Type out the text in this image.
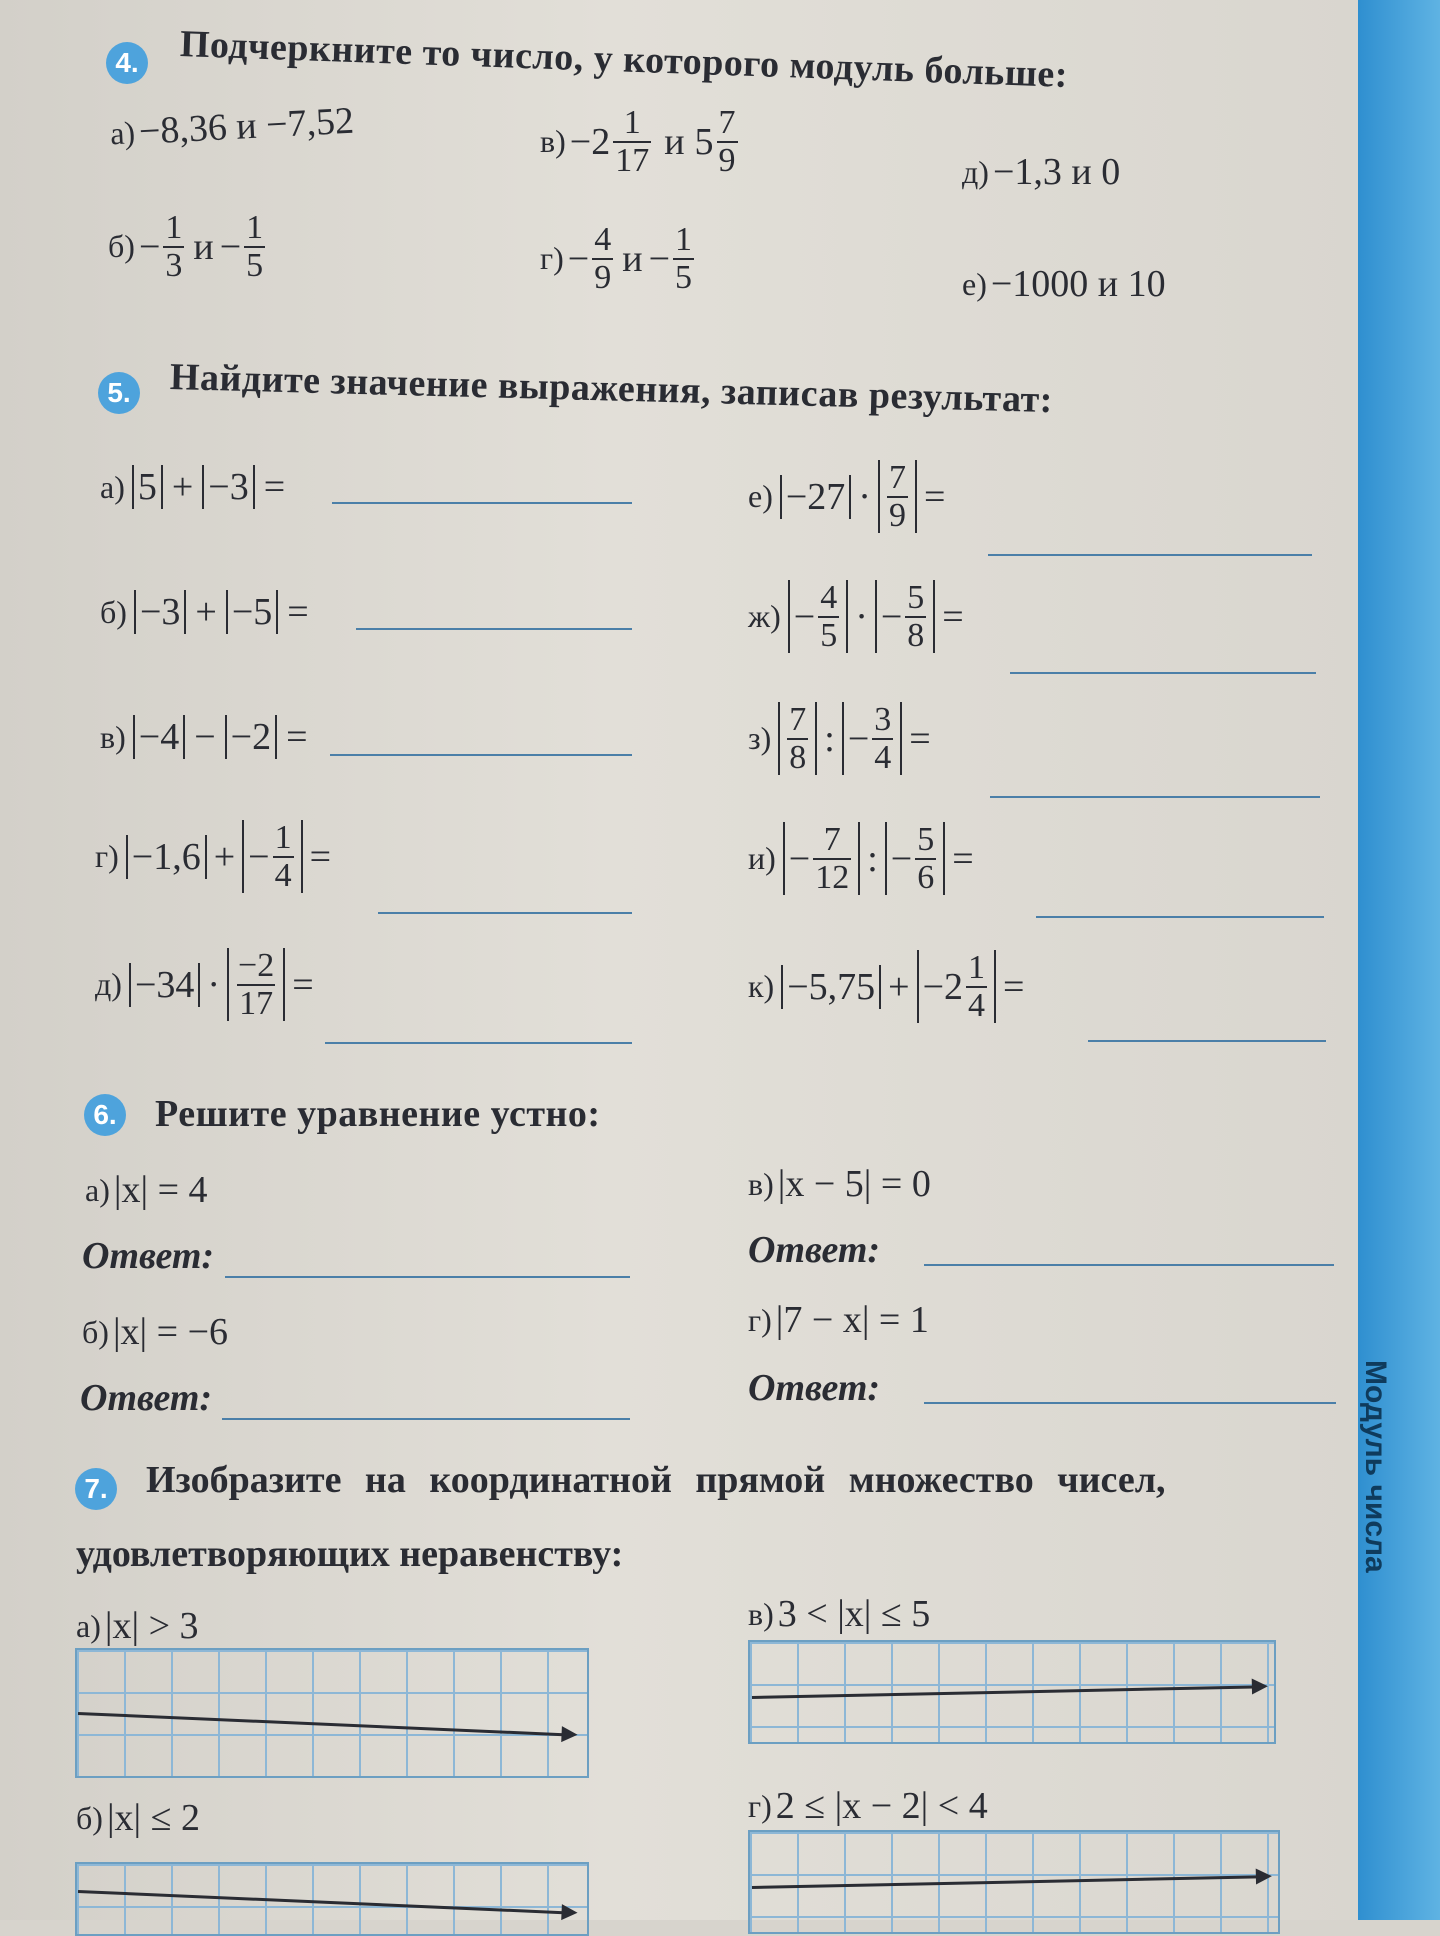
Модуль числа
4. Подчеркните то число, у которого модуль больше:
а) −8,36 и −7,52
$б) - \frac{1}{3}$ $и - \frac{1}{5}$
$в) -2 \frac{1}{17}$ и $5 \frac{7}{9}$
$г) - \frac{4}{9}$ $и - \frac{1}{5}$
д) −1,3 и 0
е) −1000 и 10
5. Найдите значение выражения, записав результат:
а) 5 + −3 =
б) −3 + −5 =
в) −4 − −2 =
г) −1,6 + − $\frac{1}{4}$ =
$д) -34 \cdot \frac{-2}{17}$ =
$е) -27 \cdot \frac{7}{9}$ =
$ж) - \frac{4}{5}$ · − $\frac{5}{8}$ =
$з) \frac{7}{8}$ : − $\frac{3}{4}$ =
$и) - \frac{7}{12}$ : − $\frac{5}{6}$ =
$к) -5,75 + -2 \frac{1}{4}$ =
6. Решите уравнение устно:
а) |x| = 4
Ответ:
б) |x| = −6
Ответ:
в) |x − 5| = 0
Ответ:
г) |7 − x| = 1
Ответ:
7. Изобразите на координатной прямой множество чисел,
удовлетворяющих неравенству:
а) |x| > 3	в) 3 < |x| ≤ 5
б) |x| ≤ 2	г) 2 ≤ |x − 2| < 4
